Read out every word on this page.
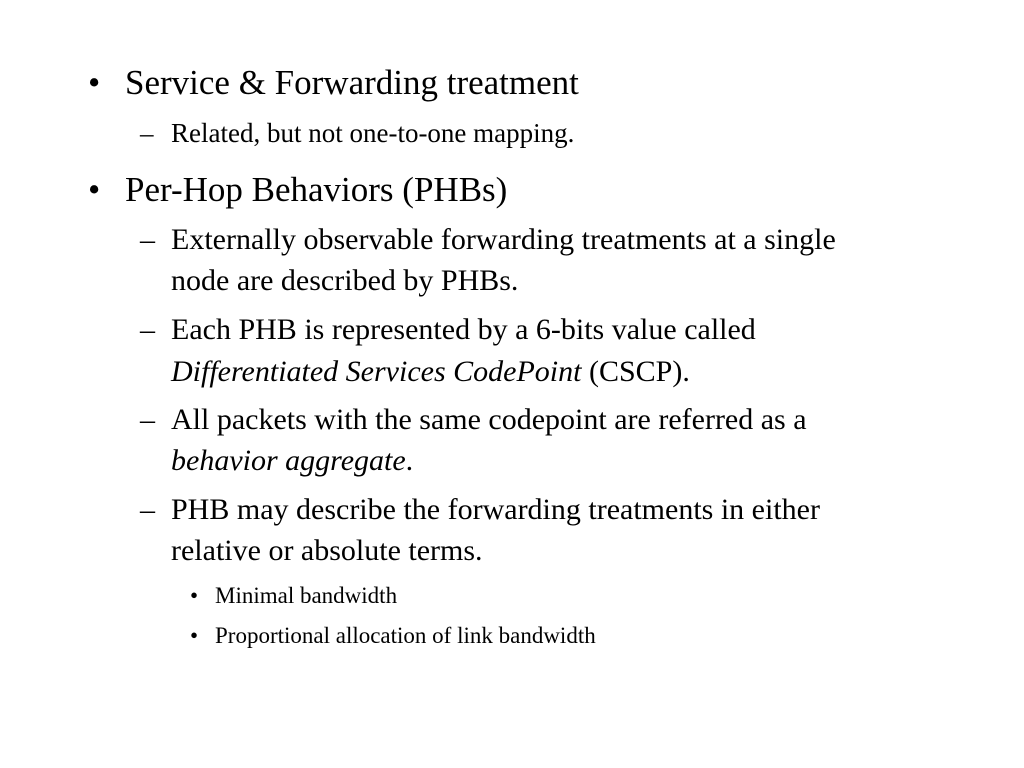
• Service & Forwarding treatment
– Related, but not one-to-one mapping.
• Per-Hop Behaviors (PHBs)
– Externally observable forwarding treatments at a single
node are described by PHBs.
– Each PHB is represented by a 6-bits value called
Differentiated Services CodePoint (CSCP).
– All packets with the same codepoint are referred as a
behavior aggregate.
– PHB may describe the forwarding treatments in either
relative or absolute terms.
• Minimal bandwidth
• Proportional allocation of link bandwidth
